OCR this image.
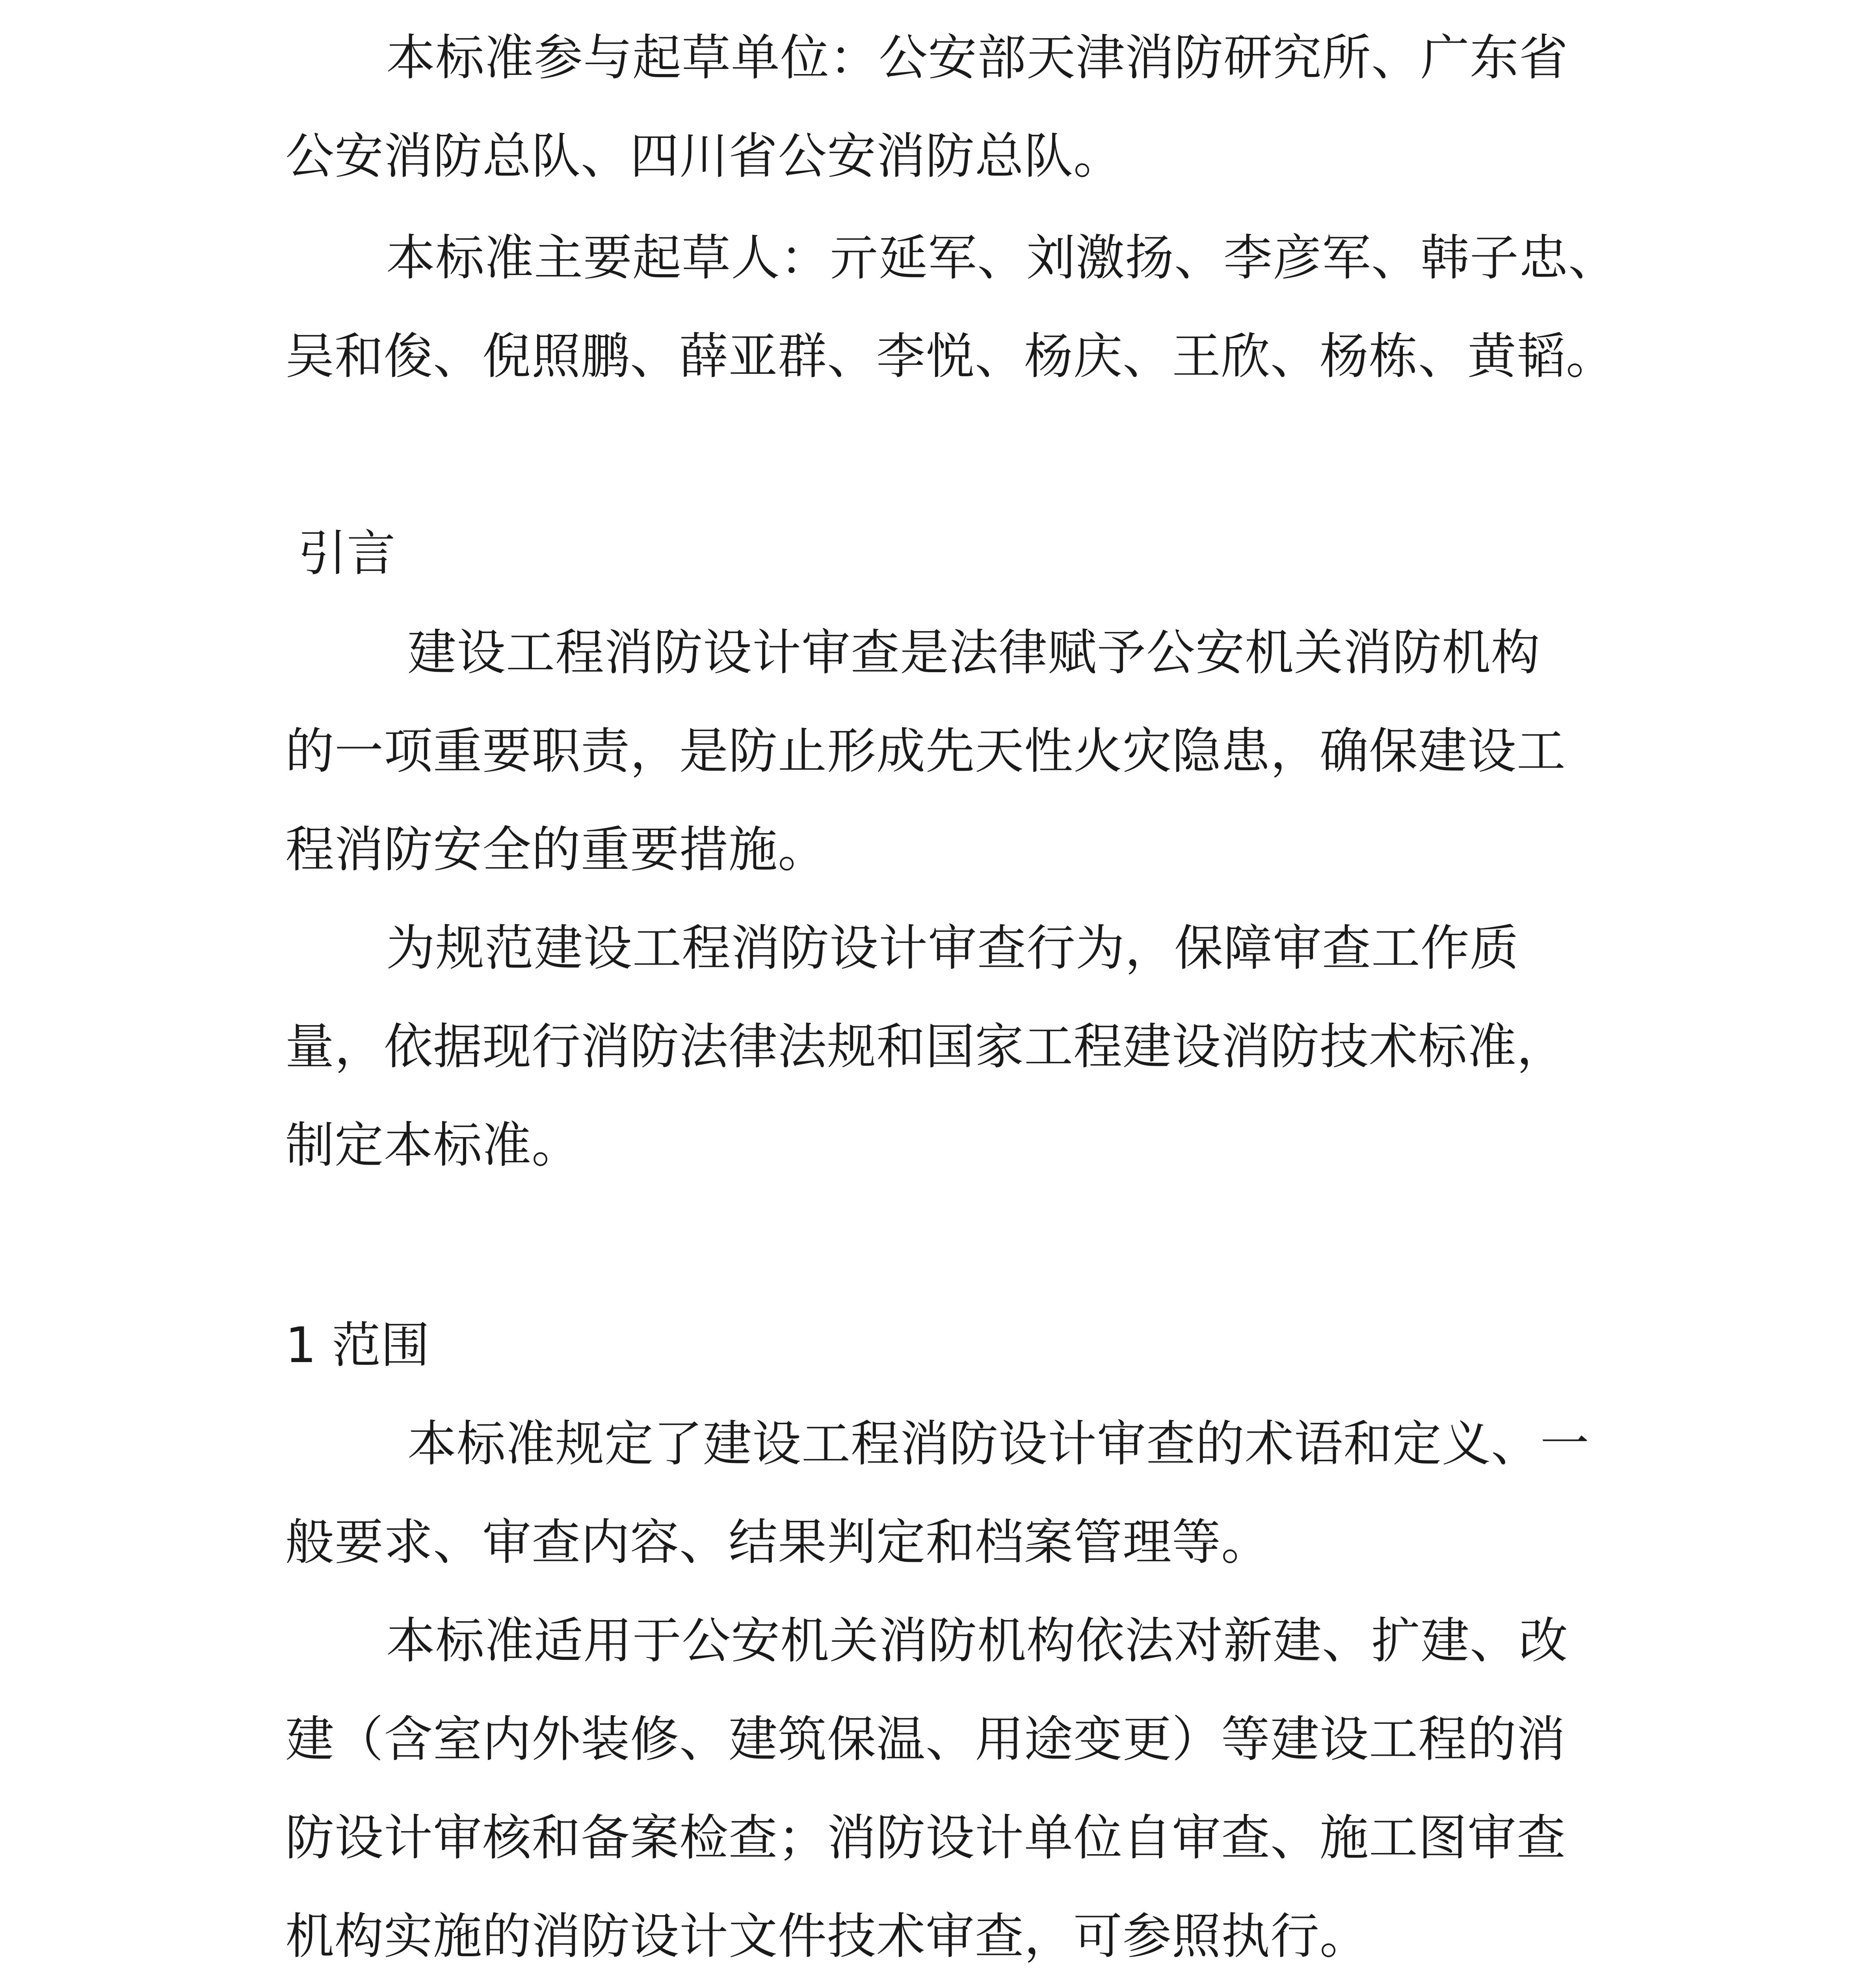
本标准参与起草单位：公安部天津消防研究所、广东省
公安消防总队、四川省公安消防总队。
本标准主要起草人：亓延军、刘激扬、李彦军、韩子忠、
吴和俊、倪照鹏、薛亚群、李悦、杨庆、王欣、杨栋、黄韬。
引言
建设工程消防设计审查是法律赋予公安机关消防机构
的一项重要职责，是防止形成先天性火灾隐患，确保建设工
程消防安全的重要措施。
为规范建设工程消防设计审查行为，保障审查工作质
量，依据现行消防法律法规和国家工程建设消防技术标准，
制定本标准。
1 范围
本标准规定了建设工程消防设计审查的术语和定义、一
般要求、审查内容、结果判定和档案管理等。
本标准适用于公安机关消防机构依法对新建、扩建、改
建（含室内外装修、建筑保温、用途变更）等建设工程的消
防设计审核和备案检查；消防设计单位自审查、施工图审查
机构实施的消防设计文件技术审查，可参照执行。
